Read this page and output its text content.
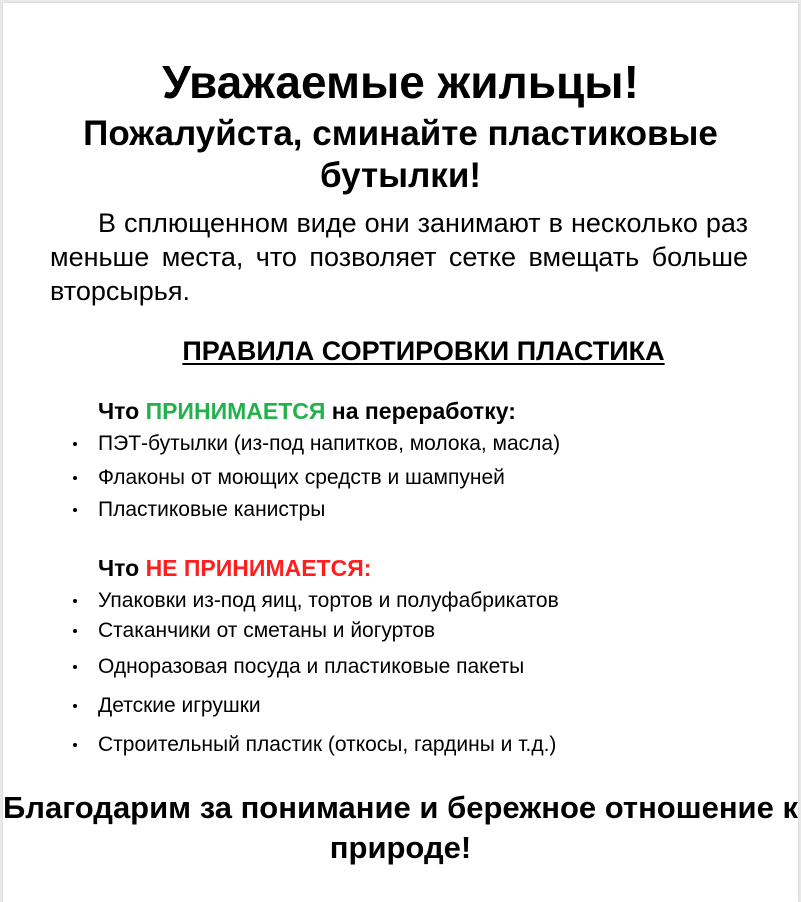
Уважаемые жильцы!
Пожалуйста, сминайте пластиковые бутылки!

В сплющенном виде они занимают в несколько раз меньше места, что позволяет сетке вмещать больше вторсырья.

ПРАВИЛА СОРТИРОВКИ ПЛАСТИКА
Что ПРИНИМАЕТСЯ на переработку:
ПЭТ-бутылки (из-под напитков, молока, масла)
Флаконы от моющих средств и шампуней
Пластиковые канистры
Что НЕ ПРИНИМАЕТСЯ:
Упаковки из-под яиц, тортов и полуфабрикатов
Стаканчики от сметаны и йогуртов
Одноразовая посуда и пластиковые пакеты
Детские игрушки
Строительный пластик (откосы, гардины и т.д.)

Благодарим за понимание и бережное отношение к природе!
